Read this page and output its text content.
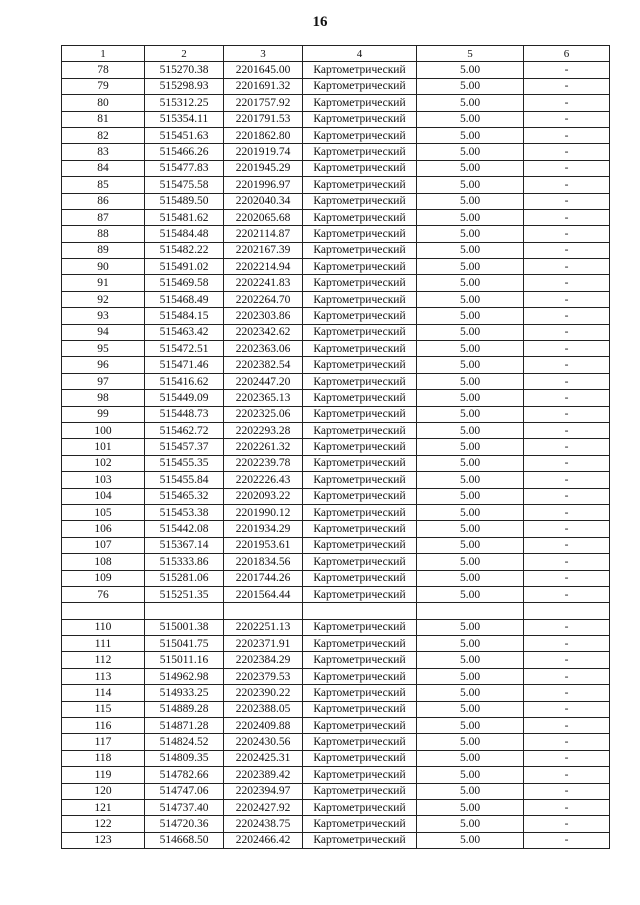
16
1	2	3	4	5	6
78	515270.38	2201645.00	Картометрический	5.00	-
79	515298.93	2201691.32	Картометрический	5.00	-
80	515312.25	2201757.92	Картометрический	5.00	-
81	515354.11	2201791.53	Картометрический	5.00	-
82	515451.63	2201862.80	Картометрический	5.00	-
83	515466.26	2201919.74	Картометрический	5.00	-
84	515477.83	2201945.29	Картометрический	5.00	-
85	515475.58	2201996.97	Картометрический	5.00	-
86	515489.50	2202040.34	Картометрический	5.00	-
87	515481.62	2202065.68	Картометрический	5.00	-
88	515484.48	2202114.87	Картометрический	5.00	-
89	515482.22	2202167.39	Картометрический	5.00	-
90	515491.02	2202214.94	Картометрический	5.00	-
91	515469.58	2202241.83	Картометрический	5.00	-
92	515468.49	2202264.70	Картометрический	5.00	-
93	515484.15	2202303.86	Картометрический	5.00	-
94	515463.42	2202342.62	Картометрический	5.00	-
95	515472.51	2202363.06	Картометрический	5.00	-
96	515471.46	2202382.54	Картометрический	5.00	-
97	515416.62	2202447.20	Картометрический	5.00	-
98	515449.09	2202365.13	Картометрический	5.00	-
99	515448.73	2202325.06	Картометрический	5.00	-
100	515462.72	2202293.28	Картометрический	5.00	-
101	515457.37	2202261.32	Картометрический	5.00	-
102	515455.35	2202239.78	Картометрический	5.00	-
103	515455.84	2202226.43	Картометрический	5.00	-
104	515465.32	2202093.22	Картометрический	5.00	-
105	515453.38	2201990.12	Картометрический	5.00	-
106	515442.08	2201934.29	Картометрический	5.00	-
107	515367.14	2201953.61	Картометрический	5.00	-
108	515333.86	2201834.56	Картометрический	5.00	-
109	515281.06	2201744.26	Картометрический	5.00	-
76	515251.35	2201564.44	Картометрический	5.00	-

110	515001.38	2202251.13	Картометрический	5.00	-
111	515041.75	2202371.91	Картометрический	5.00	-
112	515011.16	2202384.29	Картометрический	5.00	-
113	514962.98	2202379.53	Картометрический	5.00	-
114	514933.25	2202390.22	Картометрический	5.00	-
115	514889.28	2202388.05	Картометрический	5.00	-
116	514871.28	2202409.88	Картометрический	5.00	-
117	514824.52	2202430.56	Картометрический	5.00	-
118	514809.35	2202425.31	Картометрический	5.00	-
119	514782.66	2202389.42	Картометрический	5.00	-
120	514747.06	2202394.97	Картометрический	5.00	-
121	514737.40	2202427.92	Картометрический	5.00	-
122	514720.36	2202438.75	Картометрический	5.00	-
123	514668.50	2202466.42	Картометрический	5.00	-
